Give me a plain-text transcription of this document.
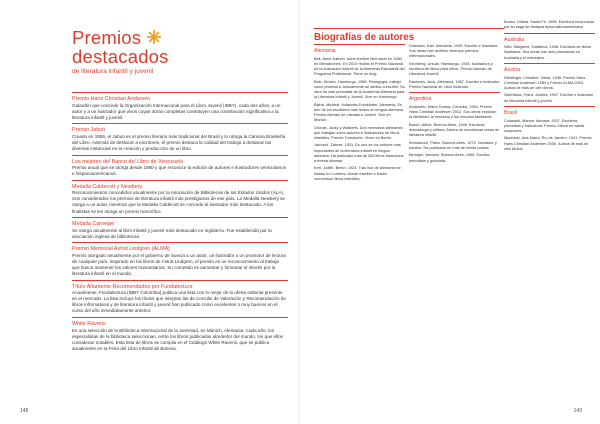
Premios
destacados
de literatura infantil y juvenil
Premio Hans Christian Andersen

Galardón que concede la Organización Internacional para el Libro Juvenil (IBBY), cada dos años, a un autor y a un ilustrador que vivos cuyas obras completas constituyen una contribución significativa a la literatura infantil y juvenil.

Premio Jabuti

Creado en 1959, el Jabuti es el premio literario más tradicional del Brasil y lo otorga la Cámara Brasileña del Libro. Además de destacar a escritores, el premio destaca la calidad del trabajo a destacar las diversas instancias en la creación y producción de un libro.

Los mejores del Banco del Libro de Venezuela

Premio anual que se otorga desde 1980 y que reconoce la edición de autores e ilustradores venezolanos e hispanoamericanos.

Medalla Caldecott y Newbery

Reconocimientos concedidos anualmente por la Asociación de Bibliotecas de los Estados Unidos (ALA). Son considerados los premios de literatura infantil más prestigiosos de ese país. La Medalla Newbery se otorga a un autor, mientras que la Medalla Caldecott se concede al ilustrador más destacado. A los finalistas se les otorga un premio honorífico.

Medalla Carnegie

Se otorga anualmente al libro infantil y juvenil más destacado en Inglaterra. Fue establecido por la asociación inglesa de bibliotecas.

Premio Memorial Astrid Lindgren (ALMA)

Premio otorgado anualmente por el gobierno de Suecia a un autor, un ilustrador o un promotor de lectura de cualquier país. Inspirado en los libros de Astrid Lindgren, el premio es un reconocimiento al trabajo que busca mantener los valores humanitarios. Su cometido es aumentar y fomentar el interés por la literatura infantil en el mundo.

Título Altamente Recomendados por Fundalectura

Anualmente, Fundalectura (IBBY Colombia) publica una lista con lo mejor de la oferta editorial presente en el mercado. La lista incluye los títulos que integran las de Concilio de Valoración y Recomendación de libros informativos y de literatura infantil y juvenil han publicado como excelentes o muy buenos en el curso del año inmediatamente anterior.

White Ravens

Es una selección de la Biblioteca Internacional de la Juventud, en Múnich, Alemania. Cada año, los especialistas de la biblioteca seleccionan, entre los libros publicados alrededor del mundo, los que ellos consideran notables. Esta lista de libros se compila en el Catálogo White Ravens, que se publica anualmente en la Feria del Libro Infantil de Bolonia.

148
Biografías de autores
Alemania

Bell, Anne-Kathrin. Anne-Kathrin Bell nació en 1980 en Messkirchen. En 2010 recibió el Premio Nacional de la Ilustración Infantil de la Alemania Estudiantil del Programa Profesional. Tiene un blog.

Belo, Kirsten. Hamburgo, 1966. Pedagogía, trabajó como profesora. Actualmente se dedica a escribir. Su obra ha sido premiada de la Academia Alemana para la Literatura Infantil y Juvenil. Vive en Hamburgo.

Blaha, Micheal. Holandés-Frankfurter, Alemania. Es uno de los escritores más leídos en lengua alemana. Premio Alemán de Literatura Juvenil. Vive en Múnich.

Grünas, Jacky y Walberts. Dos hermanos alemanes que trabajan como autores e ilustradores de libros infantiles. Premio Troisdorfer. Viven en Berlín.

Janosch. Zabrze, 1931. Es uno de los autores más importantes de la literatura infantil en lengua alemana. Ha publicado más de 300 libros traducidos a treinta idiomas.

Kerr, Judith. Berlín, 1923. Tras huir de Alemania se instaló en Londres, donde escribió e ilustró numerosos libros infantiles.

Gutmann, Karl. Alemania, 1945. Escritor e ilustrador. Sus obras han recibido diversos premios internacionales.

Kirchberg, Ursula. Hamburgo, 1938. Ilustradora y escritora de libros para niños. Premio Alemán de Literatura Juvenil.

Rassmus, Jens. Alemania, 1967. Escritor e ilustrador. Premio Nacional de Libro Ilustrado.

Argentina

Andruetto, María Teresa. Córdoba, 1954. Premio Hans Christian Andersen 2012. Sus obras exploran la identidad, la memoria y los vínculos familiares.

Basch, Adela. Buenos Aires, 1946. Escritora, dramaturga y editora. Autora de numerosas obras de literatura infantil.

Bernasconi, Pablo. Buenos Aires, 1973. Ilustrador y escritor. Ha publicado en más de veinte países.

Birmajer, Marcelo. Buenos Aires, 1966. Escritor, periodista y guionista.

Bodoc, Liliana. Santa Fe, 1958. Escritora reconocida por su saga de fantasía épica latinoamericana.

Australia

Wild, Margaret. Sudáfrica, 1948. Escritora de libros ilustrados. Sus obras han sido premiadas en Australia y el extranjero.

Austria

Nöstlinger, Christine. Viena, 1936. Premio Hans Christian Andersen 1984 y Premio ALMA 2003. Autora de más de cien libros.

Sklenitzka, Franz. Austria, 1947. Escritor e ilustrador de literatura infantil y juvenil.

Brasil

Colasanti, Marina. Asmara, 1937. Escritora, periodista y traductora. Premio Jabuti en varias ocasiones.

Machado, Ana María. Río de Janeiro, 1941. Premio Hans Christian Andersen 2000. Autora de más de cien títulos.

149
